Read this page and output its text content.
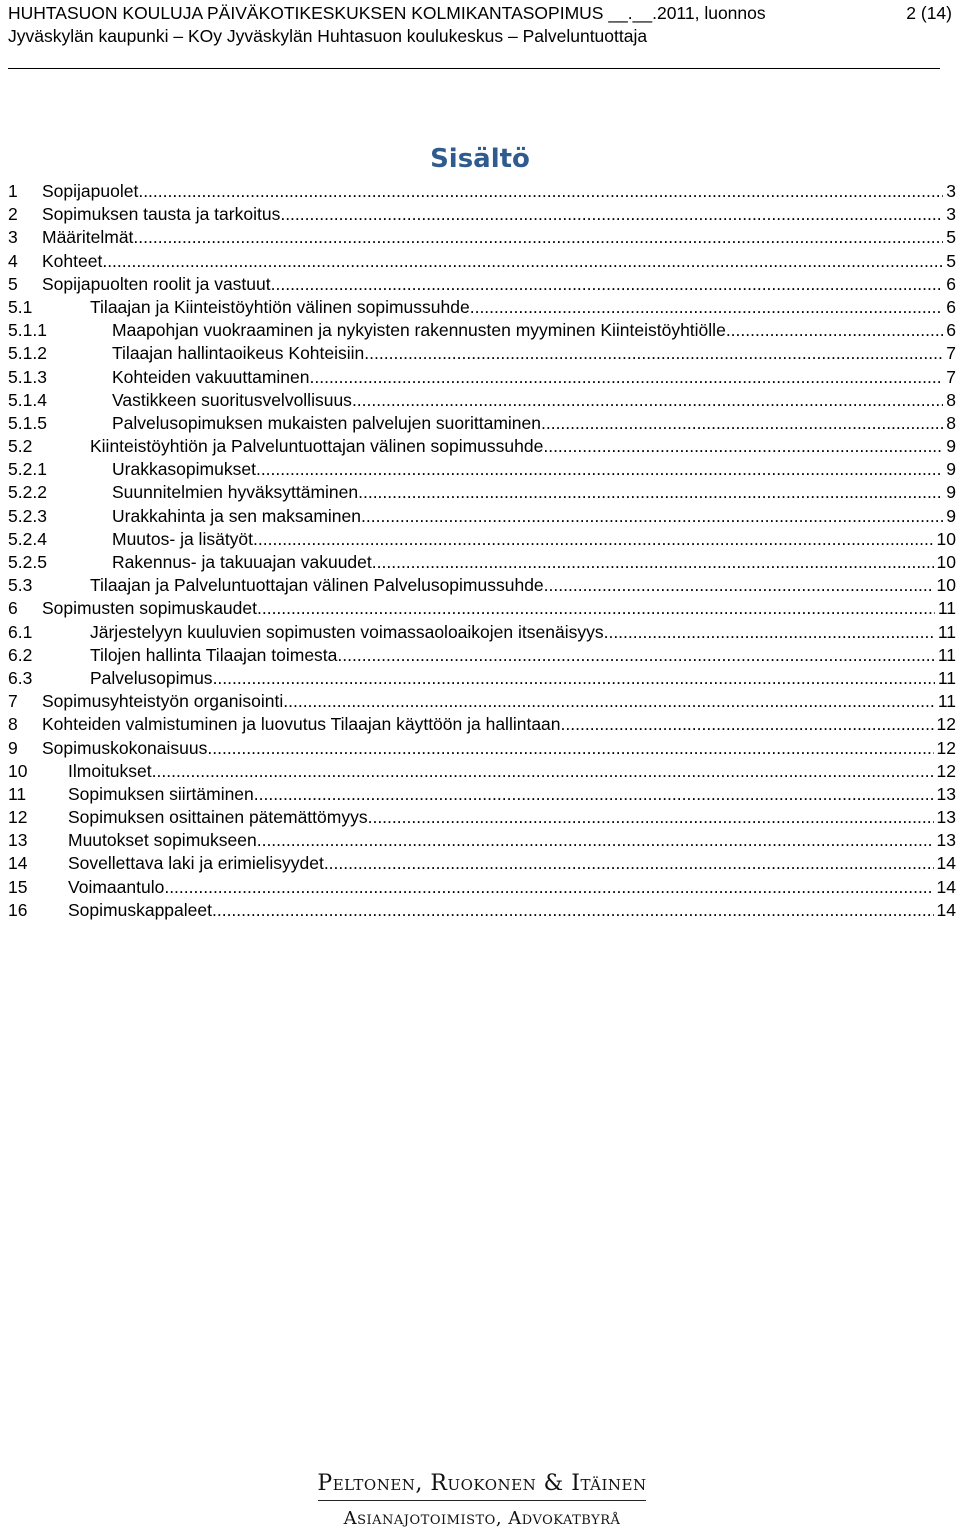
HUHTASUON KOULUJA PÄIVÄKOTIKESKUKSEN KOLMIKANTASOPIMUS __.__.2011, luonnos	2 (14)
Jyväskylän kaupunki – KOy Jyväskylän Huhtasuon koulukeskus – Palveluntuottaja
Sisältö
1 Sopijapuolet .....	3
2 Sopimuksen tausta ja tarkoitus .....	3
3 Määritelmät .....	5
4 Kohteet .....	5
5 Sopijapuolten roolit ja vastuut .....	6
5.1	Tilaajan ja Kiinteistöyhtiön välinen sopimussuhde .....	6
5.1.1	Maapohjan vuokraaminen ja nykyisten rakennusten myyminen Kiinteistöyhtiölle .....	6
5.1.2	Tilaajan hallintaoikeus Kohteisiin .....	7
5.1.3	Kohteiden vakuuttaminen .....	7
5.1.4	Vastikkeen suoritusvelvollisuus .....	8
5.1.5	Palvelusopimuksen mukaisten palvelujen suorittaminen .....	8
5.2	Kiinteistöyhtiön ja Palveluntuottajan välinen sopimussuhde .....	9
5.2.1	Urakkasopimukset .....	9
5.2.2	Suunnitelmien hyväksyttäminen .....	9
5.2.3	Urakkahinta ja sen maksaminen .....	9
5.2.4	Muutos- ja lisätyöt .....	10
5.2.5	Rakennus- ja takuuajan vakuudet .....	10
5.3	Tilaajan ja Palveluntuottajan välinen Palvelusopimussuhde .....	10
6 Sopimusten sopimuskaudet .....	11
6.1	Järjestelyyn kuuluvien sopimusten voimassaoloaikojen itsenäisyys .....	11
6.2	Tilojen hallinta Tilaajan toimesta .....	11
6.3	Palvelusopimus .....	11
7 Sopimusyhteistyön organisointi .....	11
8 Kohteiden valmistuminen ja luovutus Tilaajan käyttöön ja hallintaan .....	12
9 Sopimuskokonaisuus .....	12
10 Ilmoitukset .....	12
11 Sopimuksen siirtäminen .....	13
12 Sopimuksen osittainen pätemättömyys .....	13
13 Muutokset sopimukseen .....	13
14 Sovellettava laki ja erimielisyydet .....	14
15 Voimaantulo .....	14
16 Sopimuskappaleet .....	14
Peltonen, Ruokonen & Itäinen
Asianajotoimisto, Advokatbyrå
